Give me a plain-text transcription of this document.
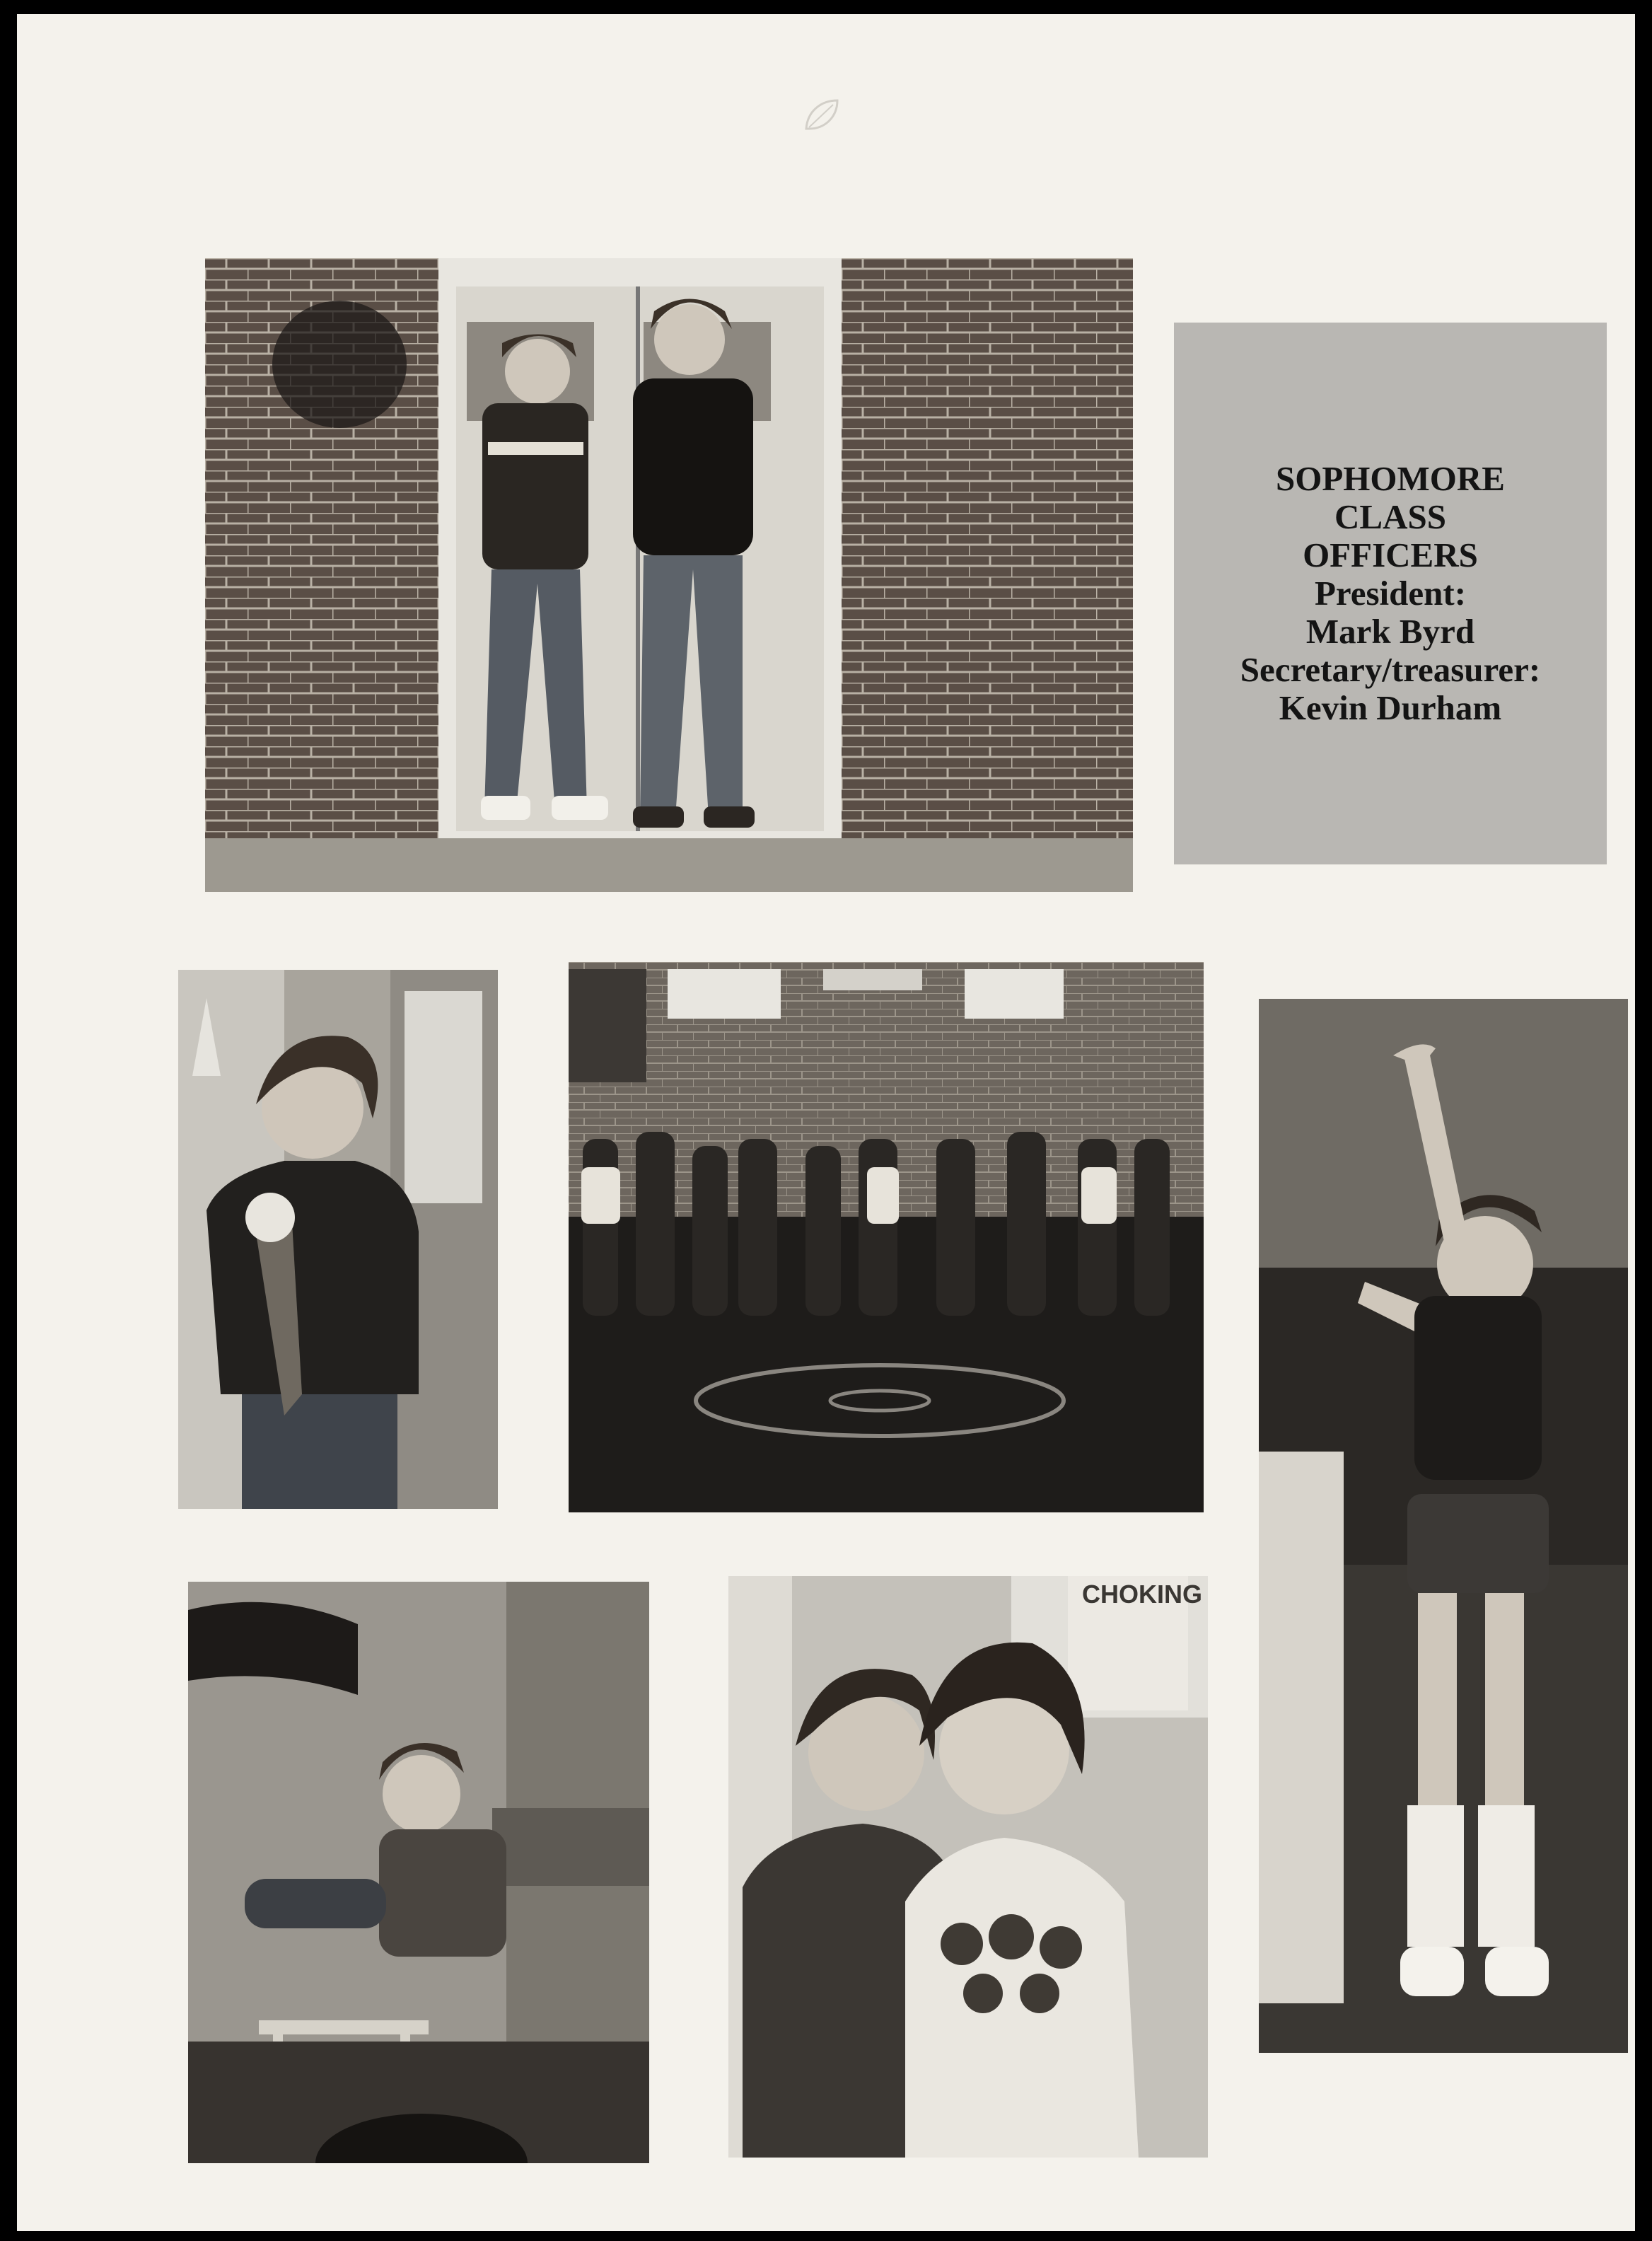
SOPHOMORE
CLASS
OFFICERS
President:
Mark Byrd
Secretary/treasurer:
Kevin Durham
CHOKING
